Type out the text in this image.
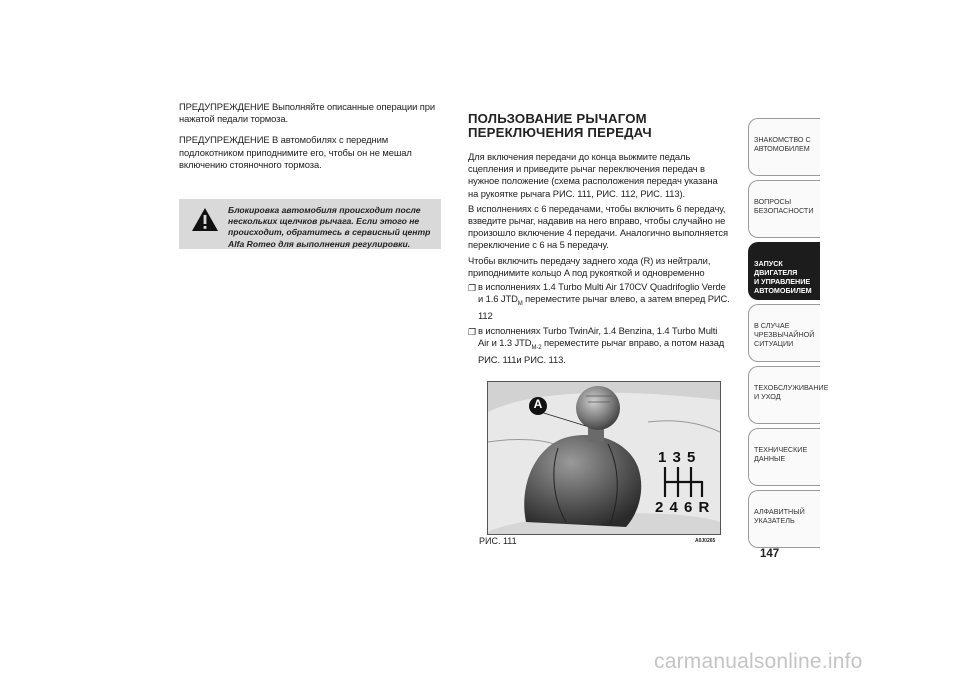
ПРЕДУПРЕЖДЕНИЕ Выполняйте описанные операции при нажатой педали тормоза.

ПРЕДУПРЕЖДЕНИЕ В автомобилях с передним подлокотником приподнимите его, чтобы он не мешал включению стояночного тормоза.

Блокировка автомобиля происходит после нескольких щелчков рычага. Если этого не происходит, обратитесь в сервисный центр Alfa Romeo для выполнения регулировки.
ПОЛЬЗОВАНИЕ РЫЧАГОМ
ПЕРЕКЛЮЧЕНИЯ ПЕРЕДАЧ

Для включения передачи до конца выжмите педаль сцепления и приведите рычаг переключения передач в нужное положение (схема расположения передач указана на рукоятке рычага РИС. 111, РИС. 112, РИС. 113).

В исполнениях с 6 передачами, чтобы включить 6 передачу, взведите рычаг, надавив на него вправо, чтобы случайно не произошло включение 4 передачи. Аналогично выполняется переключение с 6 на 5 передачу.

Чтобы включить передачу заднего хода (R) из нейтрали, приподнимите кольцо A под рукояткой и одновременно

❐ в исполнениях 1.4 Turbo Multi Air 170CV Quadrifoglio Verde и 1.6 $JTD_M$ переместите рычаг влево, а затем вперед РИС. 112
❐ в исполнениях Turbo TwinAir, 1.4 Benzina, 1.4 Turbo Multi Air и 1.3 $JTD_{M-2}$ переместите рычаг вправо, а потом назад РИС. 111и РИС. 113.
A
1 3 5
2 4 6 R
РИС. 111	A0J0265
ЗНАКОМСТВО С
АВТОМОБИЛЕМ
ВОПРОСЫ
БЕЗОПАСНОСТИ
ЗАПУСК ДВИГАТЕЛЯ
И УПРАВЛЕНИЕ
АВТОМОБИЛЕМ
В СЛУЧАЕ
ЧРЕЗВЫЧАЙНОЙ
СИТУАЦИИ
ТЕХОБСЛУЖИВАНИЕ
И УХОД
ТЕХНИЧЕСКИЕ
ДАННЫЕ
АЛФАВИТНЫЙ
УКАЗАТЕЛЬ
147
carmanualsonline.info
